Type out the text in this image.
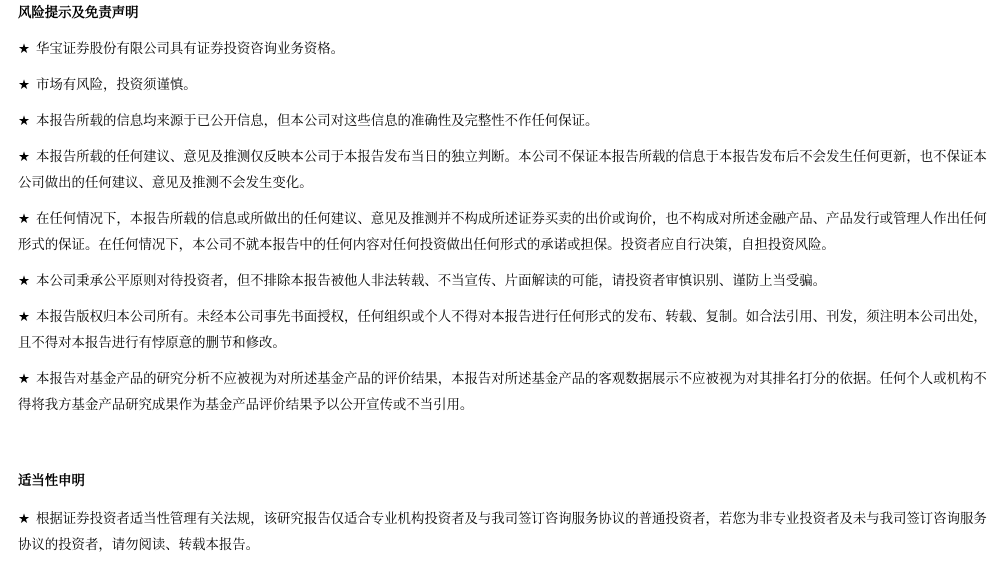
风险提示及免责声明

★ 华宝证券股份有限公司具有证券投资咨询业务资格。

★ 市场有风险，投资须谨慎。

★ 本报告所载的信息均来源于已公开信息，但本公司对这些信息的准确性及完整性不作任何保证。

★ 本报告所载的任何建议、意见及推测仅反映本公司于本报告发布当日的独立判断。本公司不保证本报告所载的信息于本报告发布后不会发生任何更新，也不保证本公司做出的任何建议、意见及推测不会发生变化。

★ 在任何情况下，本报告所载的信息或所做出的任何建议、意见及推测并不构成所述证券买卖的出价或询价，也不构成对所述金融产品、产品发行或管理人作出任何形式的保证。在任何情况下，本公司不就本报告中的任何内容对任何投资做出任何形式的承诺或担保。投资者应自行决策，自担投资风险。

★ 本公司秉承公平原则对待投资者，但不排除本报告被他人非法转载、不当宣传、片面解读的可能，请投资者审慎识别、谨防上当受骗。

★ 本报告版权归本公司所有。未经本公司事先书面授权，任何组织或个人不得对本报告进行任何形式的发布、转载、复制。如合法引用、刊发，须注明本公司出处，且不得对本报告进行有悖原意的删节和修改。

★ 本报告对基金产品的研究分析不应被视为对所述基金产品的评价结果，本报告对所述基金产品的客观数据展示不应被视为对其排名打分的依据。任何个人或机构不得将我方基金产品研究成果作为基金产品评价结果予以公开宣传或不当引用。

适当性申明

★ 根据证券投资者适当性管理有关法规，该研究报告仅适合专业机构投资者及与我司签订咨询服务协议的普通投资者，若您为非专业投资者及未与我司签订咨询服务协议的投资者，请勿阅读、转载本报告。
